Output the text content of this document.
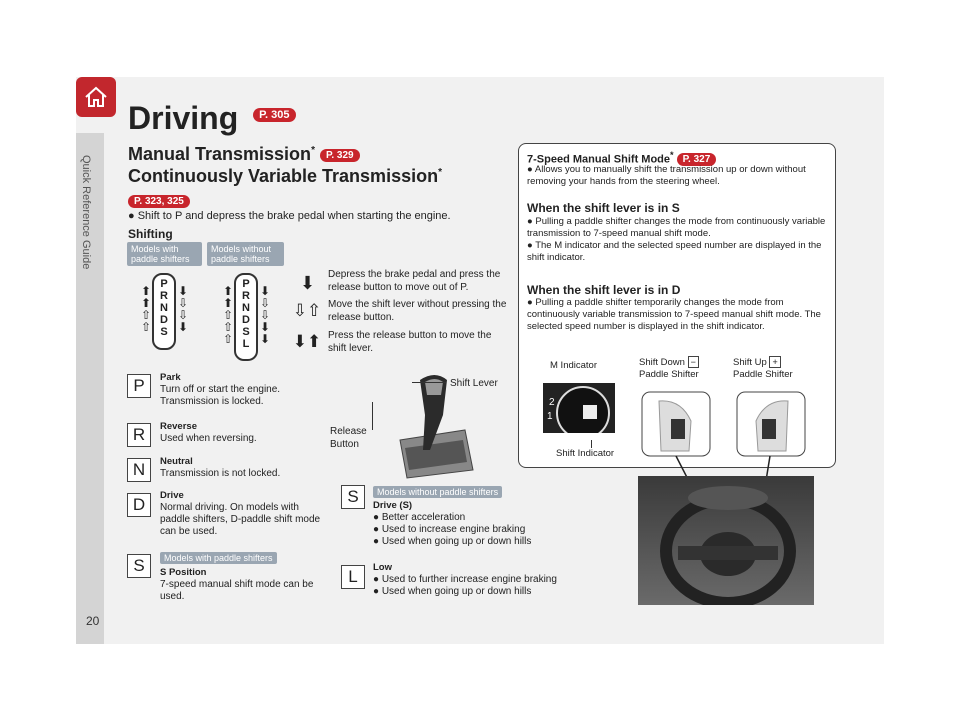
Quick Reference Guide
20
Driving P. 305
Manual Transmission* P. 329
Continuously Variable Transmission*
P. 323, 325
● Shift to P and depress the brake pedal when starting the engine.
Shifting
Models with paddle shifters
Models without paddle shifters
⬆
⬆
⇧
⇧
P
R
N
D
S
⬇
⇩
⇩
⬇
⬆
⬆
⇧
⇧
⇧
P
R
N
D
S
L
⬇
⇩
⇩
⬇
⬇
⬇
⇩⇧
⬇⬆
Depress the brake pedal and press the release button to move out of P.
Move the shift lever without pressing the release button.
Press the release button to move the shift lever.
Shift Lever
Release Button
P	Park
Turn off or start the engine. Transmission is locked.
R	Reverse
Used when reversing.
N	Neutral
Transmission is not locked.
D	Drive
Normal driving. On models with paddle shifters, D-paddle shift mode can be used.
S	Models with paddle shifters
S Position
7-speed manual shift mode can be used.
S	Models without paddle shifters
Drive (S)
● Better acceleration
● Used to increase engine braking
● Used when going up or down hills
L	Low
● Used to further increase engine braking
● Used when going up or down hills
7-Speed Manual Shift Mode* P. 327
● Allows you to manually shift the transmission up or down without removing your hands from the steering wheel.
When the shift lever is in S
● Pulling a paddle shifter changes the mode from continuously variable transmission to 7-speed manual shift mode.
● The M indicator and the selected speed number are displayed in the shift indicator.
When the shift lever is in D
● Pulling a paddle shifter temporarily changes the mode from continuously variable transmission to 7-speed manual shift mode. The selected speed number is displayed in the shift indicator.
M Indicator
2
1
Shift Indicator
Shift Down −
Paddle Shifter
Shift Up +
Paddle Shifter
